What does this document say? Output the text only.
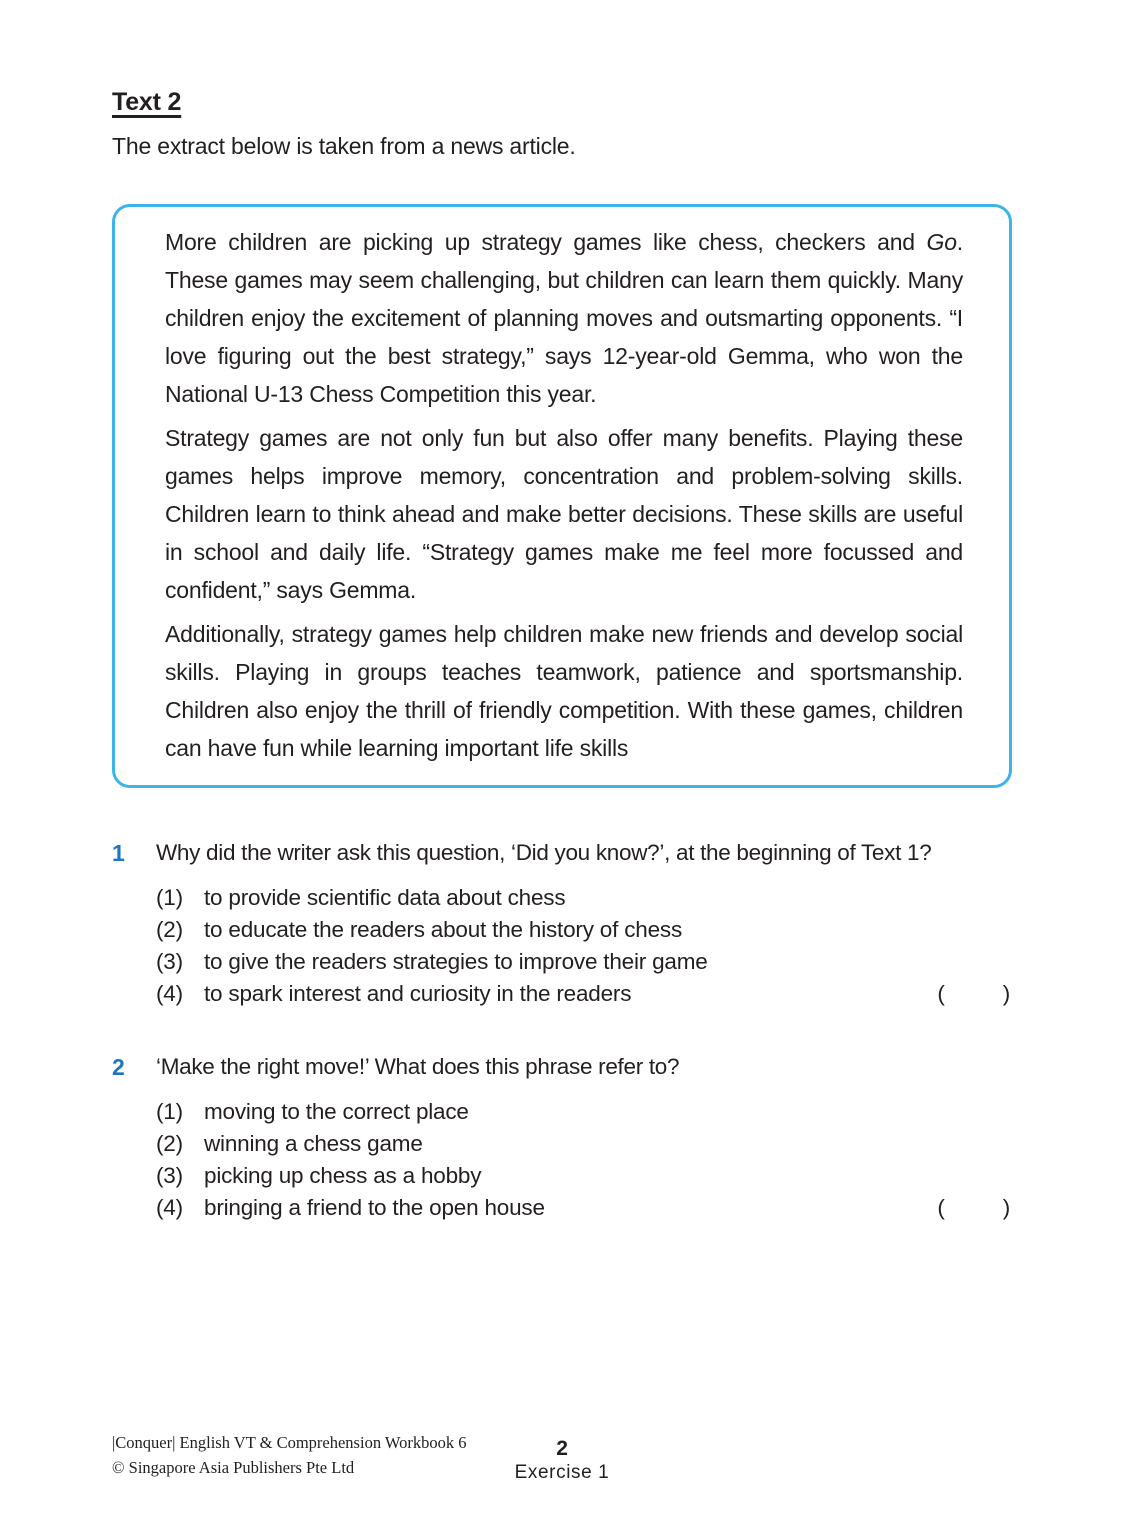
Text 2

The extract below is taken from a news article.

More children are picking up strategy games like chess, checkers and Go. These games may seem challenging, but children can learn them quickly. Many children enjoy the excitement of planning moves and outsmarting opponents. “I love figuring out the best strategy,” says 12-year-old Gemma, who won the National U-13 Chess Competition this year.

Strategy games are not only fun but also offer many benefits. Playing these games helps improve memory, concentration and problem-solving skills. Children learn to think ahead and make better decisions. These skills are useful in school and daily life. “Strategy games make me feel more focussed and confident,” says Gemma.

Additionally, strategy games help children make new friends and develop social skills. Playing in groups teaches teamwork, patience and sportsmanship. Children also enjoy the thrill of friendly competition. With these games, children can have fun while learning important life skills

1	Why did the writer ask this question, ‘Did you know?’, at the beginning of Text 1?

(1) to provide scientific data about chess
(2) to educate the readers about the history of chess
(3) to give the readers strategies to improve their game
(4) to spark interest and curiosity in the readers	(	)
2	‘Make the right move!’ What does this phrase refer to?

(1) moving to the correct place
(2) winning a chess game
(3) picking up chess as a hobby
(4) bringing a friend to the open house	(	)
|Conquer| English VT & Comprehension Workbook 6
© Singapore Asia Publishers Pte Ltd
2
Exercise 1
